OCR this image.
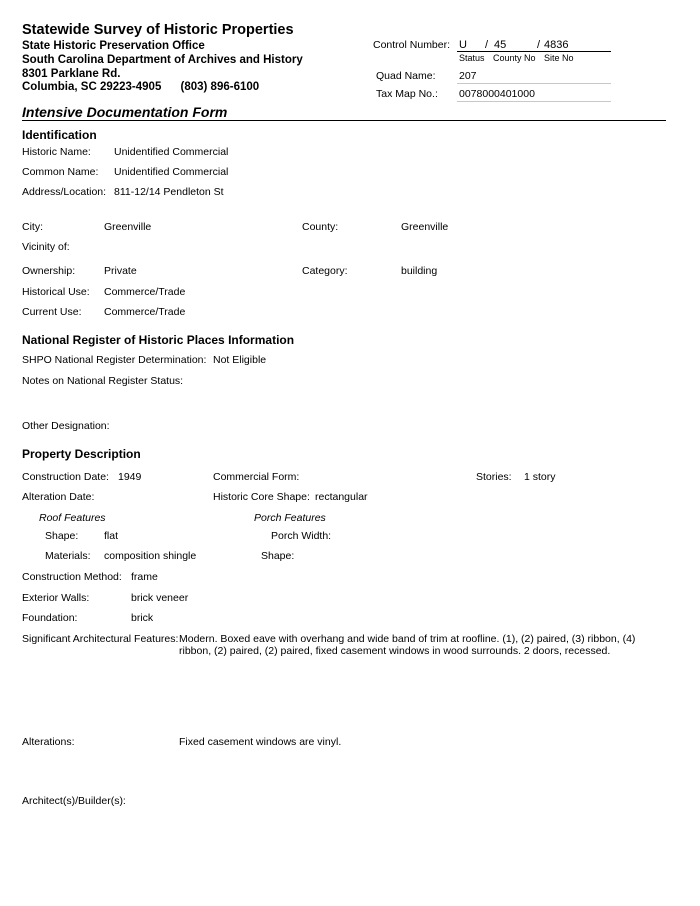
Statewide Survey of Historic Properties
State Historic Preservation Office
South Carolina Department of Archives and History
8301 Parklane Rd.
Columbia, SC 29223-4905      (803) 896-6100
Control Number: U / 45	/ 4836
Status County No Site No
Quad Name: 207
Tax Map No.: 0078000401000
Intensive Documentation Form
Identification
Historic Name: Unidentified Commercial
Common Name: Unidentified Commercial
Address/Location: 811-12/14 Pendleton St
City:	Greenville	County:	Greenville
Vicinity of:
Ownership:	Private	Category:	building
Historical Use: Commerce/Trade
Current Use: Commerce/Trade
National Register of Historic Places Information
SHPO National Register Determination: Not Eligible
Notes on National Register Status:
Other Designation:
Property Description
Construction Date: 1949	Commercial Form:	Stories: 1 story
Alteration Date:	Historic Core Shape: rectangular
Roof Features	Porch Features
Shape: flat	Porch Width:
Materials: composition shingle	Shape:
Construction Method: frame
Exterior Walls:	brick veneer
Foundation:	brick
Significant Architectural Features: Modern. Boxed eave with overhang and wide band of trim at roofline. (1), (2) paired, (3) ribbon, (4)
ribbon, (2) paired, (2) paired, fixed casement windows in wood surrounds. 2 doors, recessed.
Alterations:	Fixed casement windows are vinyl.
Architect(s)/Builder(s):
